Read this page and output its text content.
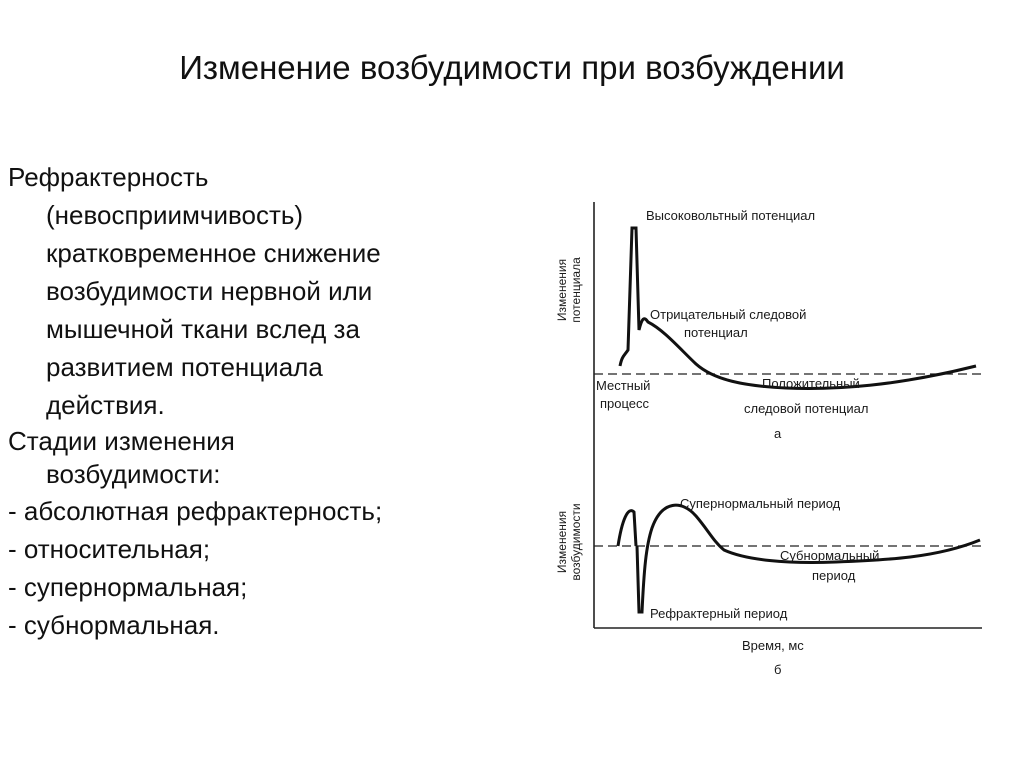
Изменение возбудимости при возбуждении

Рефрактерность

(невосприимчивость)

кратковременное снижение

возбудимости нервной или

мышечной ткани вслед за

развитием потенциала

действия.

Стадии изменения

возбудимости:

- абсолютная рефрактерность;

- относительная;

- супернормальная;

- субнормальная.

Изменения потенциала
Высоковольтный потенциал
Отрицательный следовой
потенциал
Местный
процесс
Положительный
следовой потенциал
а
Изменения возбудимости	Супернормальный период
Субнормальный
период
Рефрактерный период
Время, мс
б
